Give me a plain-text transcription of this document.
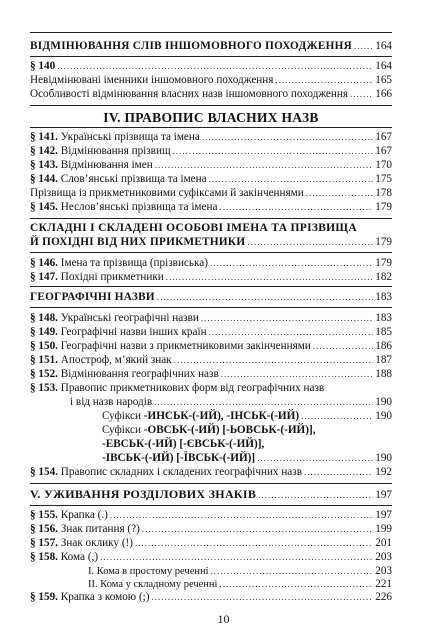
ВІДМІНЮВАННЯ СЛІВ ІНШОМОВНОГО ПОХОДЖЕННЯ ..... 164
§ 140 .....	164
Невідмінювані іменники іншомовного походження .....	165
Особливості відмінювання власних назв іншомовного походження ..... 166
IV. ПРАВОПИС ВЛАСНИХ НАЗВ
§ 141. Українські прізвища та імена .....	167
§ 142. Відмінювання прізвищ .....	167
§ 143. Відмінювання імен .....	170
§ 144. Слов’янські прізвища та імена .....	175
Прізвища із прикметниковими суфіксами й закінченнями .....	178
§ 145. Неслов’янські прізвища та імена .....	179
СКЛАДНІ І СКЛАДЕНІ ОСОБОВІ ІМЕНА ТА ПРІЗВИЩА
Й ПОХІДНІ ВІД НИХ ПРИКМЕТНИКИ .....	179
§ 146. Імена та прізвища (прізвиська) .....	179
§ 147. Похідні прикметники .....	182
ГЕОГРАФІЧНІ НАЗВИ .....	183
§ 148. Українські географічні назви .....	183
§ 149. Географічні назви інших країн .....	185
§ 150. Географічні назви з прикметниковими закінченнями .....	186
§ 151. Апостроф, м’який знак .....	187
§ 152. Відмінювання географічних назв .....	188
§ 153. Правопис прикметникових форм від географічних назв
і від назв народів .....	190
Суфікси -ИНСЬК-(-ИЙ), -ІНСЬК-(-ИЙ) .....	190
Суфікси -ОВСЬК-(-ИЙ) [-ЬОВСЬК-(-ИЙ)],
-ЕВСЬК-(-ИЙ) [-ЄВСЬК-(-ИЙ)],
-ІВСЬК-(-ИЙ) [-ЇВСЬК-(-ИЙ)] .....	190
§ 154. Правопис складних і складених географічних назв .....	192
V. УЖИВАННЯ РОЗДІЛОВИХ ЗНАКІВ .....	197
§ 155. Крапка (.) .....	197
§ 156. Знак питання (?) .....	199
§ 157. Знак оклику (!) .....	201
§ 158. Кома (,) .....	203
I. Кома в простому реченні .....	203
II. Кома у складному реченні .....	221
§ 159. Крапка з комою (;) .....	226
10
